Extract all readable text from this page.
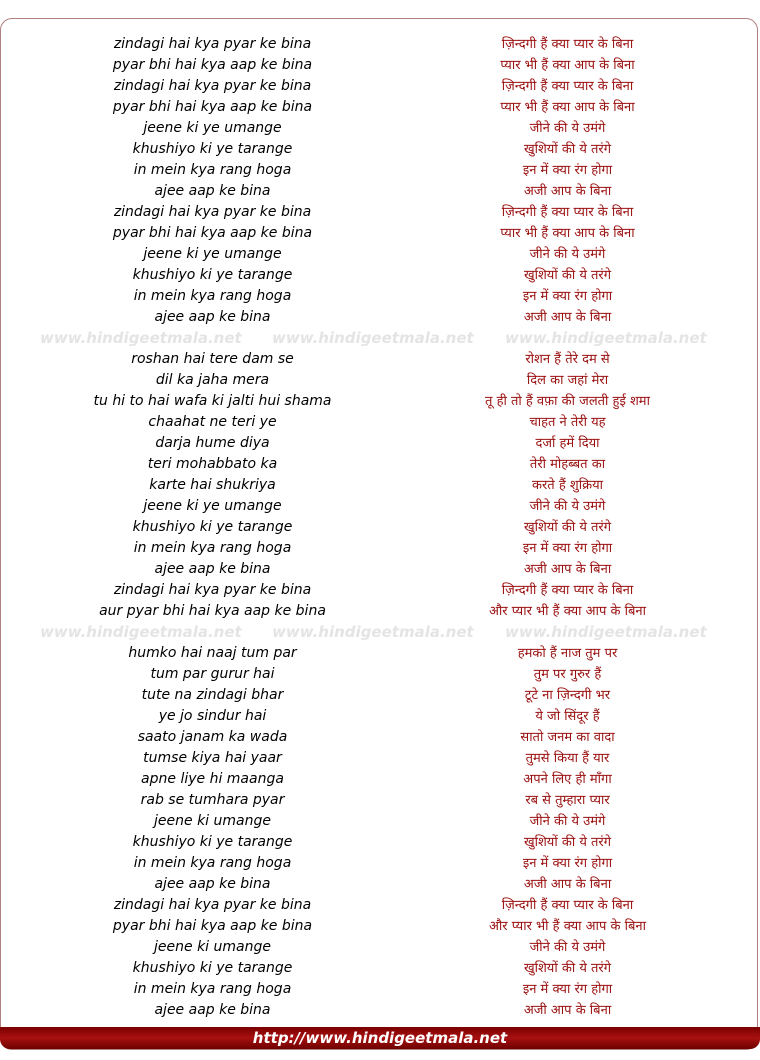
zindagi hai kya pyar ke bina	ज़िन्दगी हैं क्या प्यार के बिना
pyar bhi hai kya aap ke bina	प्यार भी हैं क्या आप के बिना
zindagi hai kya pyar ke bina	ज़िन्दगी हैं क्या प्यार के बिना
pyar bhi hai kya aap ke bina	प्यार भी हैं क्या आप के बिना
jeene ki ye umange	जीने की ये उमंगे
khushiyo ki ye tarange	खुशियों की ये तरंगे
in mein kya rang hoga	इन में क्या रंग होगा
ajee aap ke bina	अजी आप के बिना
zindagi hai kya pyar ke bina	ज़िन्दगी हैं क्या प्यार के बिना
pyar bhi hai kya aap ke bina	प्यार भी हैं क्या आप के बिना
jeene ki ye umange	जीने की ये उमंगे
khushiyo ki ye tarange	खुशियों की ये तरंगे
in mein kya rang hoga	इन में क्या रंग होगा
ajee aap ke bina	अजी आप के बिना
www.hindigeetmala.net www.hindigeetmala.net www.hindigeetmala.net
roshan hai tere dam se	रोशन हैं तेरे दम से
dil ka jaha mera	दिल का जहां मेरा
tu hi to hai wafa ki jalti hui shama	तू ही तो हैं वफ़ा की जलती हुई शमा
chaahat ne teri ye	चाहत ने तेरी यह
darja hume diya	दर्जा हमें दिया
teri mohabbato ka	तेरी मोहब्बत का
karte hai shukriya	करते हैं शुक्रिया
jeene ki ye umange	जीने की ये उमंगे
khushiyo ki ye tarange	खुशियों की ये तरंगे
in mein kya rang hoga	इन में क्या रंग होगा
ajee aap ke bina	अजी आप के बिना
zindagi hai kya pyar ke bina	ज़िन्दगी हैं क्या प्यार के बिना
aur pyar bhi hai kya aap ke bina	और प्यार भी हैं क्या आप के बिना
www.hindigeetmala.net www.hindigeetmala.net www.hindigeetmala.net
humko hai naaj tum par	हमको हैं नाज तुम पर
tum par gurur hai	तुम पर गुरुर हैं
tute na zindagi bhar	टूटे ना ज़िन्दगी भर
ye jo sindur hai	ये जो सिंदूर हैं
saato janam ka wada	सातो जनम का वादा
tumse kiya hai yaar	तुमसे किया हैं यार
apne liye hi maanga	अपने लिए ही माँगा
rab se tumhara pyar	रब से तुम्हारा प्यार
jeene ki umange	जीने की ये उमंगे
khushiyo ki ye tarange	खुशियों की ये तरंगे
in mein kya rang hoga	इन में क्या रंग होगा
ajee aap ke bina	अजी आप के बिना
zindagi hai kya pyar ke bina	ज़िन्दगी हैं क्या प्यार के बिना
pyar bhi hai kya aap ke bina	और प्यार भी हैं क्या आप के बिना
jeene ki umange	जीने की ये उमंगे
khushiyo ki ye tarange	खुशियों की ये तरंगे
in mein kya rang hoga	इन में क्या रंग होगा
ajee aap ke bina	अजी आप के बिना
http://www.hindigeetmala.net
